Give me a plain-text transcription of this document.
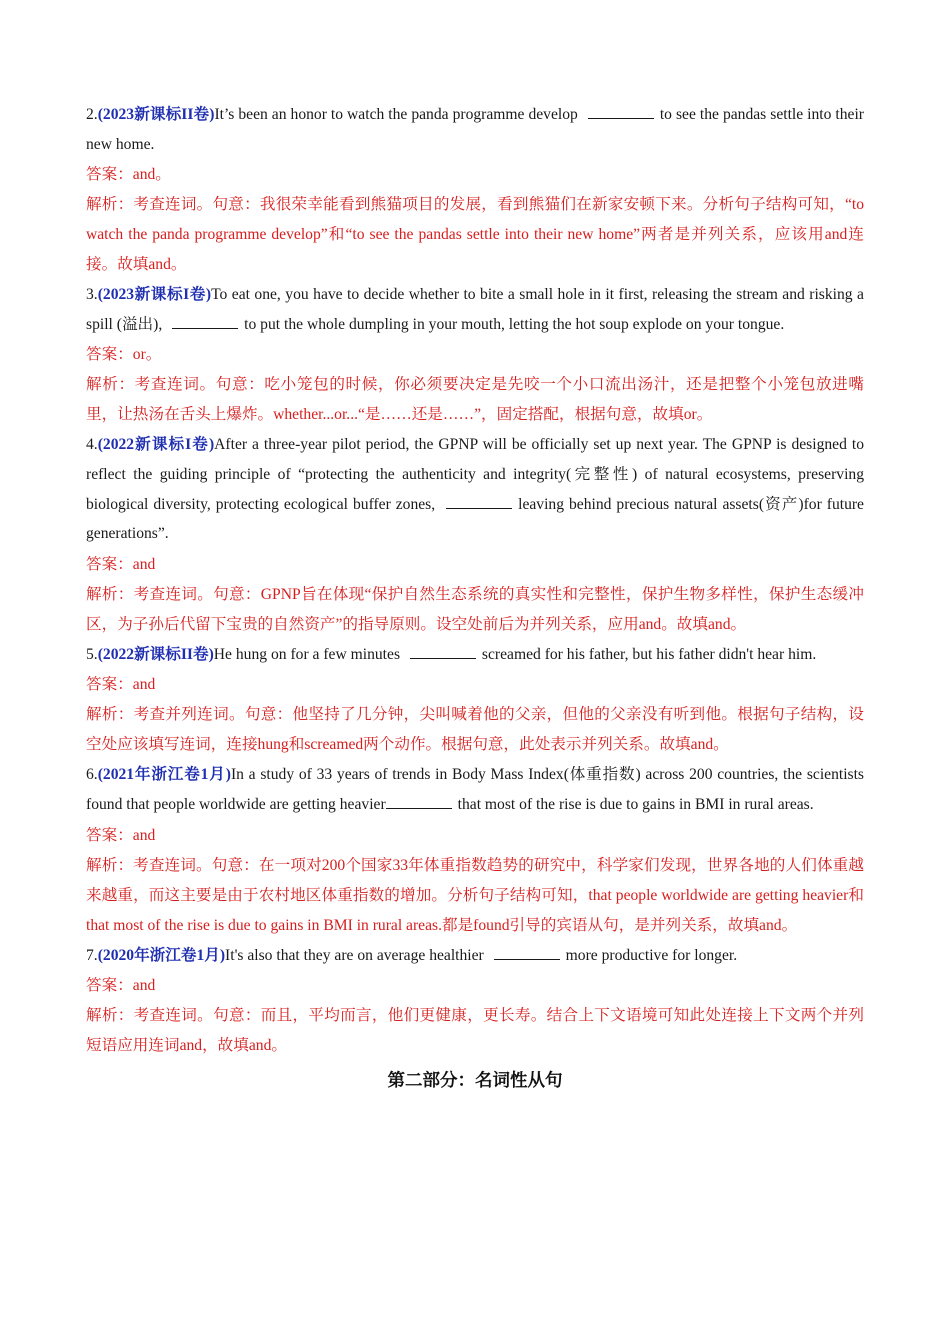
2.(2023新课标II卷)It’s been an honor to watch the panda programme develop	to see the pandas settle into their new home.

答案：and。

解析：考查连词。句意：我很荣幸能看到熊猫项目的发展，看到熊猫们在新家安顿下来。分析句子结构可知，“to watch the panda programme develop”和“to see the pandas settle into their new home”两者是并列关系，应该用and连接。故填and。

3.(2023新课标I卷)To eat one, you have to decide whether to bite a small hole in it first, releasing the stream and risking a spill (溢出),	to put the whole dumpling in your mouth, letting the hot soup explode on your tongue.

答案：or。

解析：考查连词。句意：吃小笼包的时候，你必须要决定是先咬一个小口流出汤汁，还是把整个小笼包放进嘴里，让热汤在舌头上爆炸。whether...or...“是……还是……”，固定搭配，根据句意，故填or。

4.(2022新课标I卷)After a three-year pilot period, the GPNP will be officially set up next year. The GPNP is designed to reflect the guiding principle of “protecting the authenticity and integrity(完整性) of natural ecosystems, preserving biological diversity, protecting ecological buffer zones,	leaving behind precious natural assets(资产)for future generations”.

答案：and

解析：考查连词。句意：GPNP旨在体现“保护自然生态系统的真实性和完整性，保护生物多样性，保护生态缓冲区，为子孙后代留下宝贵的自然资产”的指导原则。设空处前后为并列关系，应用and。故填and。

5.(2022新课标II卷)He hung on for a few minutes	screamed for his father, but his father didn't hear him.

答案：and

解析：考查并列连词。句意：他坚持了几分钟，尖叫喊着他的父亲，但他的父亲没有听到他。根据句子结构，设空处应该填写连词，连接hung和screamed两个动作。根据句意，此处表示并列关系。故填and。

6.(2021年浙江卷1月)In a study of 33 years of trends in Body Mass Index(体重指数) across 200 countries, the scientists found that people worldwide are getting heavier	that most of the rise is due to gains in BMI in rural areas.

答案：and

解析：考查连词。句意：在一项对200个国家33年体重指数趋势的研究中，科学家们发现，世界各地的人们体重越来越重，而这主要是由于农村地区体重指数的增加。分析句子结构可知，that people worldwide are getting heavier和that most of the rise is due to gains in BMI in rural areas.都是found引导的宾语从句，是并列关系，故填and。

7.(2020年浙江卷1月)It's also that they are on average healthier	more productive for longer.

答案：and

解析：考查连词。句意：而且，平均而言，他们更健康，更长寿。结合上下文语境可知此处连接上下文两个并列短语应用连词and，故填and。

第二部分：名词性从句
